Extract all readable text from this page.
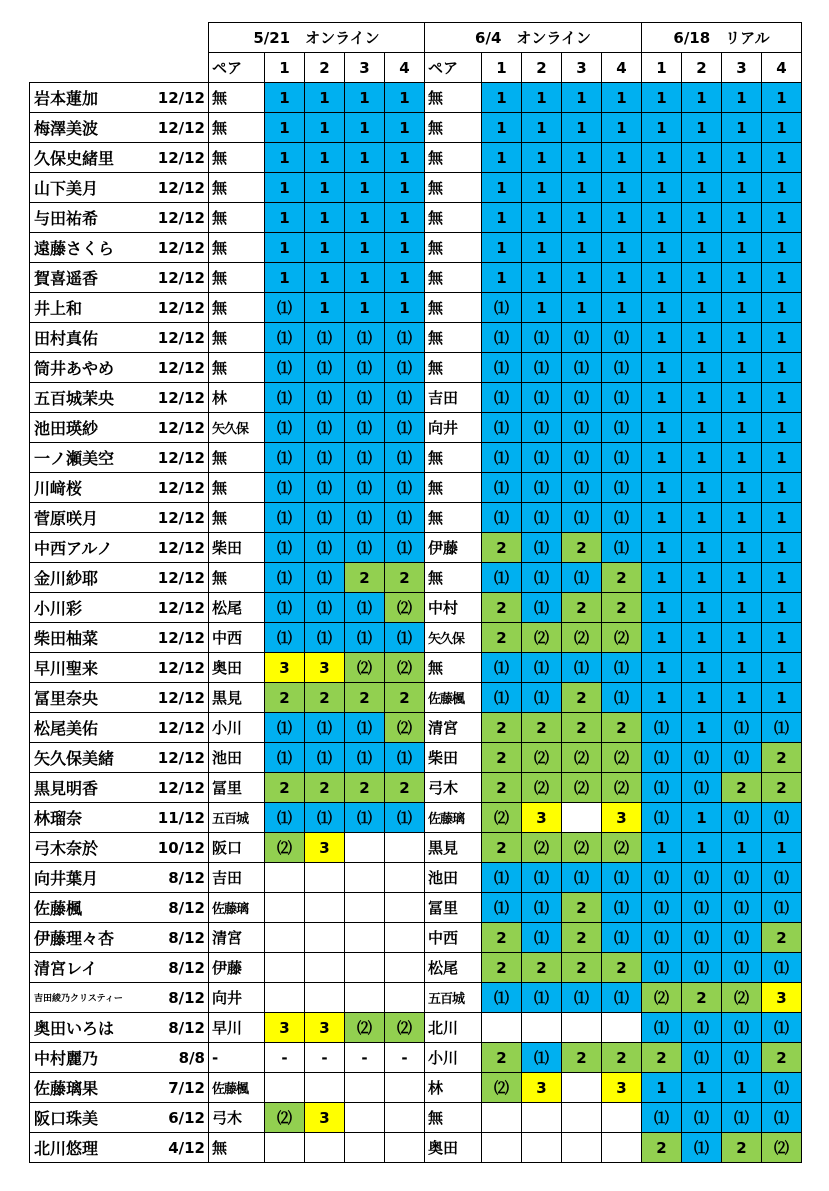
		5/21　オンライン					6/4　オンライン					6/18　リアル			
		ペア	1	2	3	4	ペア	1	2	3	4	1	2	3	4
岩本蓮加	12/12	無	1	1	1	1	無	1	1	1	1	1	1	1	1
梅澤美波	12/12	無	1	1	1	1	無	1	1	1	1	1	1	1	1
久保史緒里	12/12	無	1	1	1	1	無	1	1	1	1	1	1	1	1
山下美月	12/12	無	1	1	1	1	無	1	1	1	1	1	1	1	1
与田祐希	12/12	無	1	1	1	1	無	1	1	1	1	1	1	1	1
遠藤さくら	12/12	無	1	1	1	1	無	1	1	1	1	1	1	1	1
賀喜遥香	12/12	無	1	1	1	1	無	1	1	1	1	1	1	1	1
井上和	12/12	無	⑴	1	1	1	無	⑴	1	1	1	1	1	1	1
田村真佑	12/12	無	⑴	⑴	⑴	⑴	無	⑴	⑴	⑴	⑴	1	1	1	1
筒井あやめ	12/12	無	⑴	⑴	⑴	⑴	無	⑴	⑴	⑴	⑴	1	1	1	1
五百城茉央	12/12	林	⑴	⑴	⑴	⑴	吉田	⑴	⑴	⑴	⑴	1	1	1	1
池田瑛紗	12/12	矢久保	⑴	⑴	⑴	⑴	向井	⑴	⑴	⑴	⑴	1	1	1	1
一ノ瀬美空	12/12	無	⑴	⑴	⑴	⑴	無	⑴	⑴	⑴	⑴	1	1	1	1
川﨑桜	12/12	無	⑴	⑴	⑴	⑴	無	⑴	⑴	⑴	⑴	1	1	1	1
菅原咲月	12/12	無	⑴	⑴	⑴	⑴	無	⑴	⑴	⑴	⑴	1	1	1	1
中西アルノ	12/12	柴田	⑴	⑴	⑴	⑴	伊藤	2	⑴	2	⑴	1	1	1	1
金川紗耶	12/12	無	⑴	⑴	2	2	無	⑴	⑴	⑴	2	1	1	1	1
小川彩	12/12	松尾	⑴	⑴	⑴	⑵	中村	2	⑴	2	2	1	1	1	1
柴田柚菜	12/12	中西	⑴	⑴	⑴	⑴	矢久保	2	⑵	⑵	⑵	1	1	1	1
早川聖来	12/12	奥田	3	3	⑵	⑵	無	⑴	⑴	⑴	⑴	1	1	1	1
冨里奈央	12/12	黒見	2	2	2	2	佐藤楓	⑴	⑴	2	⑴	1	1	1	1
松尾美佑	12/12	小川	⑴	⑴	⑴	⑵	清宮	2	2	2	2	⑴	1	⑴	⑴
矢久保美緒	12/12	池田	⑴	⑴	⑴	⑴	柴田	2	⑵	⑵	⑵	⑴	⑴	⑴	2
黒見明香	12/12	冨里	2	2	2	2	弓木	2	⑵	⑵	⑵	⑴	⑴	2	2
林瑠奈	11/12	五百城	⑴	⑴	⑴	⑴	佐藤璃	⑵	3		3	⑴	1	⑴	⑴
弓木奈於	10/12	阪口	⑵	3			黒見	2	⑵	⑵	⑵	1	1	1	1
向井葉月	8/12	吉田					池田	⑴	⑴	⑴	⑴	⑴	⑴	⑴	⑴
佐藤楓	8/12	佐藤璃					冨里	⑴	⑴	2	⑴	⑴	⑴	⑴	⑴
伊藤理々杏	8/12	清宮					中西	2	⑴	2	⑴	⑴	⑴	⑴	2
清宮レイ	8/12	伊藤					松尾	2	2	2	2	⑴	⑴	⑴	⑴
吉田綾乃クリスティー	8/12	向井					五百城	⑴	⑴	⑴	⑴	⑵	2	⑵	3
奥田いろは	8/12	早川	3	3	⑵	⑵	北川					⑴	⑴	⑴	⑴
中村麗乃	8/8	-	-	-	-	-	小川	2	⑴	2	2	2	⑴	⑴	2
佐藤璃果	7/12	佐藤楓					林	⑵	3		3	1	1	1	⑴
阪口珠美	6/12	弓木	⑵	3			無					⑴	⑴	⑴	⑴
北川悠理	4/12	無					奥田					2	⑴	2	⑵
